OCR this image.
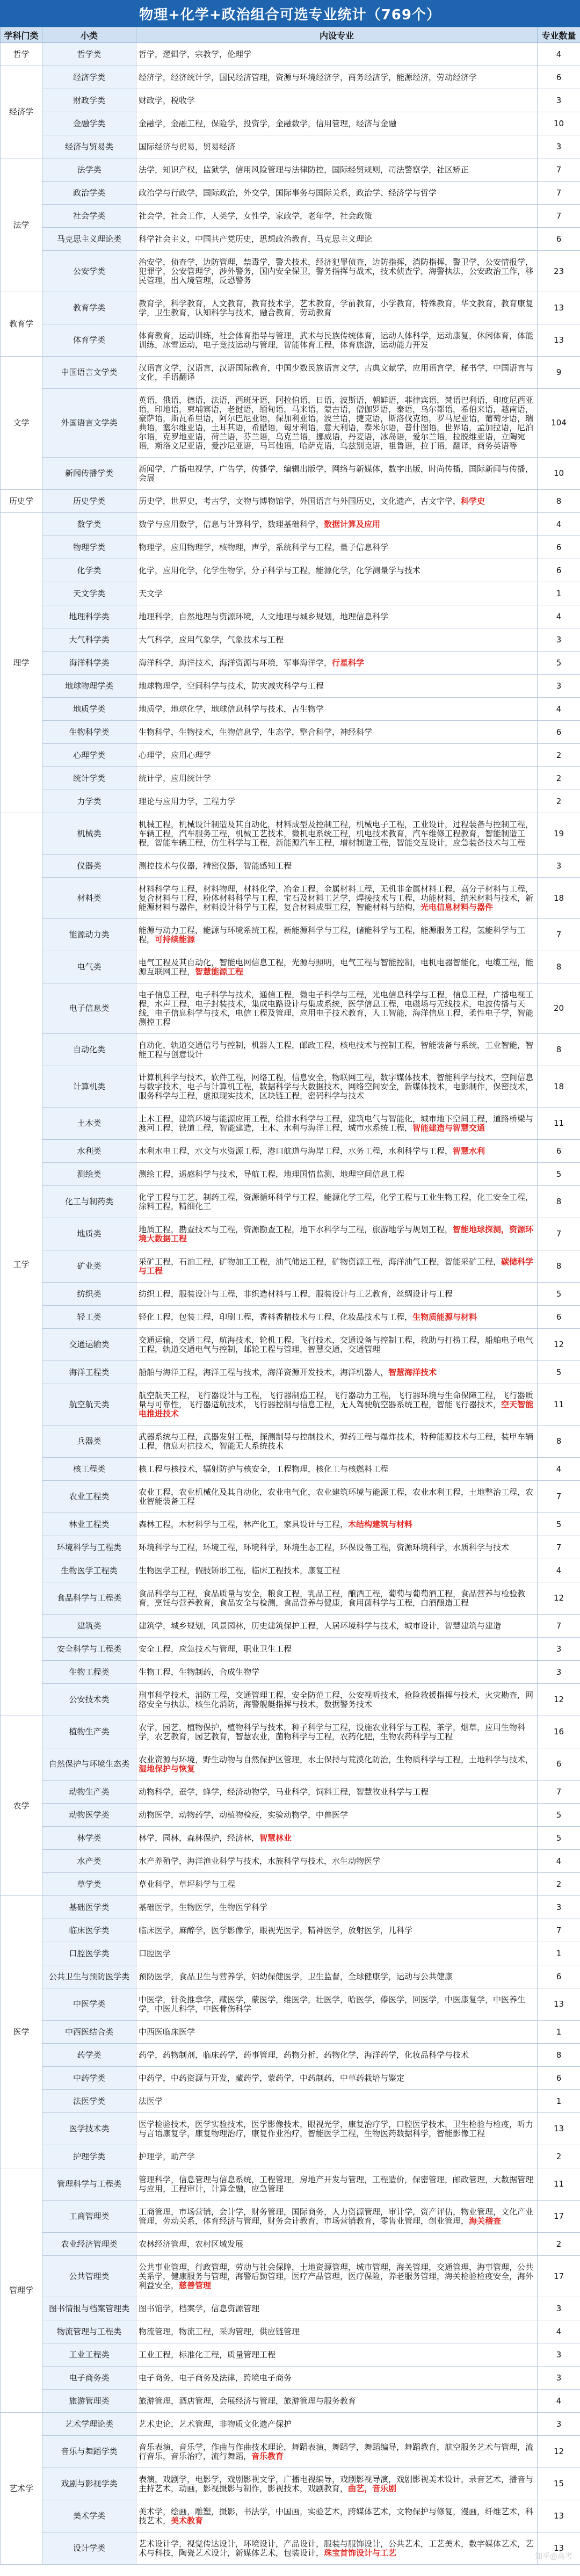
物理+化学+政治组合可选专业统计（769个）
学科门类	小类	内设专业	专业数量
哲学	哲学类	哲学，逻辑学，宗教学，伦理学	4
经济学	经济学类	经济学，经济统计学，国民经济管理，资源与环境经济学，商务经济学，能源经济，劳动经济学	6
	财政学类	财政学，税收学	3
	金融学类	金融学，金融工程，保险学，投资学，金融数学，信用管理，经济与金融	10
	经济与贸易类	国际经济与贸易，贸易经济	3
法学	法学类	法学，知识产权，监狱学，信用风险管理与法律防控，国际经贸规则，司法警察学，社区矫正	7
	政治学类	政治学与行政学，国际政治，外交学，国际事务与国际关系，政治学、经济学与哲学	7
	社会学类	社会学，社会工作，人类学，女性学，家政学，老年学，社会政策	7
	马克思主义理论类	科学社会主义，中国共产党历史，思想政治教育，马克思主义理论	6
	公安学类	治安学，侦查学，边防管理，禁毒学，警犬技术，经济犯罪侦查，边防指挥，消防指挥，警卫学，公安情报学，犯罪学，公安管理学，涉外警务，国内安全保卫，警务指挥与战术，技术侦查学，海警执法，公安政治工作，移民管理，出入境管理，反恐警务	23
教育学	教育学类	教育学，科学教育，人文教育，教育技术学，艺术教育，学前教育，小学教育，特殊教育，华文教育，教育康复学，卫生教育，认知科学与技术，融合教育，劳动教育	13
	体育学类	体育教育，运动训练，社会体育指导与管理，武术与民族传统体育，运动人体科学，运动康复，休闲体育，体能训练，冰雪运动，电子竞技运动与管理，智能体育工程，体育旅游，运动能力开发	13
文学	中国语言文学类	汉语言文学，汉语言，汉语国际教育，中国少数民族语言文学，古典文献学，应用语言学，秘书学，中国语言与文化，手语翻译	9
	外国语言文学类	英语，俄语，德语，法语，西班牙语，阿拉伯语，日语，波斯语，朝鲜语，菲律宾语，梵语巴利语，印度尼西亚语，印地语，柬埔寨语，老挝语，缅甸语，马来语，蒙古语，僧伽罗语，泰语，乌尔都语，希伯来语，越南语，豪萨语，斯瓦希里语，阿尔巴尼亚语，保加利亚语，波兰语，捷克语，斯洛伐克语，罗马尼亚语，葡萄牙语，瑞典语，塞尔维亚语，土耳其语，希腊语，匈牙利语，意大利语，泰米尔语，普什图语，世界语，孟加拉语，尼泊尔语，克罗地亚语，荷兰语，芬兰语，乌克兰语，挪威语，丹麦语，冰岛语，爱尔兰语，拉脱维亚语，立陶宛语，斯洛文尼亚语，爱沙尼亚语，马耳他语，哈萨克语，乌兹别克语，祖鲁语，拉丁语，翻译，商务英语等	104
	新闻传播学类	新闻学，广播电视学，广告学，传播学，编辑出版学，网络与新媒体，数字出版，时尚传播，国际新闻与传播，会展	10
历史学	历史学类	历史学，世界史，考古学，文物与博物馆学，外国语言与外国历史，文化遗产，古文字学，科学史	8
理学	数学类	数学与应用数学，信息与计算科学，数理基础科学，数据计算及应用	4
	物理学类	物理学，应用物理学，核物理，声学，系统科学与工程，量子信息科学	6
	化学类	化学，应用化学，化学生物学，分子科学与工程，能源化学，化学测量学与技术	6
	天文学类	天文学	1
	地理科学类	地理科学，自然地理与资源环境，人文地理与城乡规划，地理信息科学	4
	大气科学类	大气科学，应用气象学，气象技术与工程	3
	海洋科学类	海洋科学，海洋技术，海洋资源与环境，军事海洋学，行星科学	5
	地球物理学类	地球物理学，空间科学与技术，防灾减灾科学与工程	3
	地质学类	地质学，地球化学，地球信息科学与技术，古生物学	4
	生物科学类	生物科学，生物技术，生物信息学，生态学，整合科学，神经科学	6
	心理学类	心理学，应用心理学	2
	统计学类	统计学，应用统计学	2
	力学类	理论与应用力学，工程力学	2
工学	机械类	机械工程，机械设计制造及其自动化，材料成型及控制工程，机械电子工程，工业设计，过程装备与控制工程，车辆工程，汽车服务工程，机械工艺技术，微机电系统工程，机电技术教育，汽车维修工程教育，智能制造工程，智能车辆工程，仿生科学与工程，新能源汽车工程，增材制造工程，智能交互设计，应急装备技术与工程	19
	仪器类	测控技术与仪器，精密仪器，智能感知工程	3
	材料类	材料科学与工程，材料物理，材料化学，冶金工程，金属材料工程，无机非金属材料工程，高分子材料与工程，复合材料与工程，粉体材料科学与工程，宝石及材料工艺学，焊接技术与工程，功能材料，纳米材料与技术，新能源材料与器件，材料设计科学与工程，复合材料成型工程，智能材料与结构，光电信息材料与器件	18
	能源动力类	能源与动力工程，能源与环境系统工程，新能源科学与工程，储能科学与工程，能源服务工程，氢能科学与工程，可持续能源	7
	电气类	电气工程及其自动化，智能电网信息工程，光源与照明，电气工程与智能控制，电机电器智能化，电缆工程，能源互联网工程，智慧能源工程	8
	电子信息类	电子信息工程，电子科学与技术，通信工程，微电子科学与工程，光电信息科学与工程，信息工程，广播电视工程，水声工程，电子封装技术，集成电路设计与集成系统，医学信息工程，电磁场与无线技术，电波传播与天线，电子信息科学与技术，电信工程及管理，应用电子技术教育，人工智能，海洋信息工程，柔性电子学，智能测控工程	20
	自动化类	自动化，轨道交通信号与控制，机器人工程，邮政工程，核电技术与控制工程，智能装备与系统，工业智能，智能工程与创意设计	8
	计算机类	计算机科学与技术，软件工程，网络工程，信息安全，物联网工程，数字媒体技术，智能科学与技术，空间信息与数字技术，电子与计算机工程，数据科学与大数据技术，网络空间安全，新媒体技术，电影制作，保密技术，服务科学与工程，虚拟现实技术，区块链工程，密码科学与技术	18
	土木类	土木工程，建筑环境与能源应用工程，给排水科学与工程，建筑电气与智能化，城市地下空间工程，道路桥梁与渡河工程，铁道工程，智能建造，土木、水利与海洋工程，城市水系统工程，智能建造与智慧交通	11
	水利类	水利水电工程，水文与水资源工程，港口航道与海岸工程，水务工程，水利科学与工程，智慧水利	6
	测绘类	测绘工程，遥感科学与技术，导航工程，地理国情监测，地理空间信息工程	5
	化工与制药类	化学工程与工艺，制药工程，资源循环科学与工程，能源化学工程，化学工程与工业生物工程，化工安全工程，涂料工程，精细化工	8
	地质类	地质工程，勘查技术与工程，资源勘查工程，地下水科学与工程，旅游地学与规划工程，智能地球探测，资源环境大数据工程	7
	矿业类	采矿工程，石油工程，矿物加工工程，油气储运工程，矿物资源工程，海洋油气工程，智能采矿工程，碳储科学与工程	8
	纺织类	纺织工程，服装设计与工程，非织造材料与工程，服装设计与工艺教育，丝绸设计与工程	5
	轻工类	轻化工程，包装工程，印刷工程，香料香精技术与工程，化妆品技术与工程，生物质能源与材料	6
	交通运输类	交通运输，交通工程，航海技术，轮机工程，飞行技术，交通设备与控制工程，救助与打捞工程，船舶电子电气工程，轨道交通电气与控制，邮轮工程与管理，智慧交通，交通管理	12
	海洋工程类	船舶与海洋工程，海洋工程与技术，海洋资源开发技术，海洋机器人，智慧海洋技术	5
	航空航天类	航空航天工程，飞行器设计与工程，飞行器制造工程，飞行器动力工程，飞行器环境与生命保障工程，飞行器质量与可靠性，飞行器适航技术，飞行器控制与信息工程，无人驾驶航空器系统工程，智能飞行器技术，空天智能电推进技术	11
	兵器类	武器系统与工程，武器发射工程，探测制导与控制技术，弹药工程与爆炸技术，特种能源技术与工程，装甲车辆工程，信息对抗技术，智能无人系统技术	8
	核工程类	核工程与核技术，辐射防护与核安全，工程物理，核化工与核燃料工程	4
	农业工程类	农业工程，农业机械化及其自动化，农业电气化，农业建筑环境与能源工程，农业水利工程，土地整治工程，农业智能装备工程	7
	林业工程类	森林工程，木材科学与工程，林产化工，家具设计与工程，木结构建筑与材料	5
	环境科学与工程类	环境科学与工程，环境工程，环境科学，环境生态工程，环保设备工程，资源环境科学，水质科学与技术	7
	生物医学工程类	生物医学工程，假肢矫形工程，临床工程技术，康复工程	4
	食品科学与工程类	食品科学与工程，食品质量与安全，粮食工程，乳品工程，酿酒工程，葡萄与葡萄酒工程，食品营养与检验教育，烹饪与营养教育，食品安全与检测，食品营养与健康，食用菌科学与工程，白酒酿造工程	12
	建筑类	建筑学，城乡规划，风景园林，历史建筑保护工程，人居环境科学与技术，城市设计，智慧建筑与建造	7
	安全科学与工程类	安全工程，应急技术与管理，职业卫生工程	3
	生物工程类	生物工程，生物制药，合成生物学	3
	公安技术类	刑事科学技术，消防工程，交通管理工程，安全防范工程，公安视听技术，抢险救援指挥与技术，火灾勘查，网络安全与执法，核生化消防，海警舰艇指挥与技术，数据警务技术	12
农学	植物生产类	农学，园艺，植物保护，植物科学与技术，种子科学与工程，设施农业科学与工程，茶学，烟草，应用生物科学，农艺教育，园艺教育，智慧农业，菌物科学与工程，农药化肥，生物农药科学与工程	16
	自然保护与环境生态类	农业资源与环境，野生动物与自然保护区管理，水土保持与荒漠化防治，生物质科学与工程，土地科学与技术，湿地保护与恢复	6
	动物生产类	动物科学，蚕学，蜂学，经济动物学，马业科学，饲料工程，智慧牧业科学与工程	7
	动物医学类	动物医学，动物药学，动植物检疫，实验动物学，中兽医学	5
	林学类	林学，园林，森林保护，经济林，智慧林业	5
	水产类	水产养殖学，海洋渔业科学与技术，水族科学与技术，水生动物医学	4
	草学类	草业科学，草坪科学与工程	2
医学	基础医学类	基础医学，生物医学，生物医学科学	3
	临床医学类	临床医学，麻醉学，医学影像学，眼视光医学，精神医学，放射医学，儿科学	7
	口腔医学类	口腔医学	1
	公共卫生与预防医学类	预防医学，食品卫生与营养学，妇幼保健医学，卫生监督，全球健康学，运动与公共健康	6
	中医学类	中医学，针灸推拿学，藏医学，蒙医学，维医学，壮医学，哈医学，傣医学，回医学，中医康复学，中医养生学，中医儿科学，中医骨伤科学	13
	中西医结合类	中西医临床医学	1
	药学类	药学，药物制剂，临床药学，药事管理，药物分析，药物化学，海洋药学，化妆品科学与技术	8
	中药学类	中药学，中药资源与开发，藏药学，蒙药学，中药制药，中草药栽培与鉴定	6
	法医学类	法医学	1
	医学技术类	医学检验技术，医学实验技术，医学影像技术，眼视光学，康复治疗学，口腔医学技术，卫生检验与检疫，听力与言语康复学，康复物理治疗，康复作业治疗，智能医学工程，生物医药数据科学，智能影像工程	13
	护理学类	护理学，助产学	2
管理学	管理科学与工程类	管理科学，信息管理与信息系统，工程管理，房地产开发与管理，工程造价，保密管理，邮政管理，大数据管理与应用，工程审计，计算金融，应急管理	11
	工商管理类	工商管理，市场营销，会计学，财务管理，国际商务，人力资源管理，审计学，资产评估，物业管理，文化产业管理，劳动关系，体育经济与管理，财务会计教育，市场营销教育，零售业管理，创业管理，海关稽查	17
	农业经济管理类	农林经济管理，农村区域发展	2
	公共管理类	公共事业管理，行政管理，劳动与社会保障，土地资源管理，城市管理，海关管理，交通管理，海事管理，公共关系学，健康服务与管理，海警后勤管理，医疗产品管理，医疗保险，养老服务管理，海关检验检疫安全，海外利益安全，慈善管理	17
	图书情报与档案管理类	图书馆学，档案学，信息资源管理	3
	物流管理与工程类	物流管理，物流工程，采购管理，供应链管理	4
	工业工程类	工业工程，标准化工程，质量管理工程	3
	电子商务类	电子商务，电子商务及法律，跨境电子商务	3
	旅游管理类	旅游管理，酒店管理，会展经济与管理，旅游管理与服务教育	4
艺术学	艺术学理论类	艺术史论，艺术管理，非物质文化遗产保护	3
	音乐与舞蹈学类	音乐表演，音乐学，作曲与作曲技术理论，舞蹈表演，舞蹈学，舞蹈编导，舞蹈教育，航空服务艺术与管理，流行音乐，音乐治疗，流行舞蹈，音乐教育	12
	戏剧与影视学类	表演，戏剧学，电影学，戏剧影视文学，广播电视编导，戏剧影视导演，戏剧影视美术设计，录音艺术，播音与主持艺术，动画，影视摄影与制作，影视技术，戏剧教育，曲艺，音乐剧	15
	美术学类	美术学，绘画，雕塑，摄影，书法学，中国画，实验艺术，跨媒体艺术，文物保护与修复，漫画，纤维艺术，科技艺术，美术教育	13
	设计学类	艺术设计学，视觉传达设计，环境设计，产品设计，服装与服饰设计，公共艺术，工艺美术，数字媒体艺术，艺术与科技，陶瓷艺术设计，新媒体艺术，包装设计，珠宝首饰设计与工艺	13
知乎@高考
